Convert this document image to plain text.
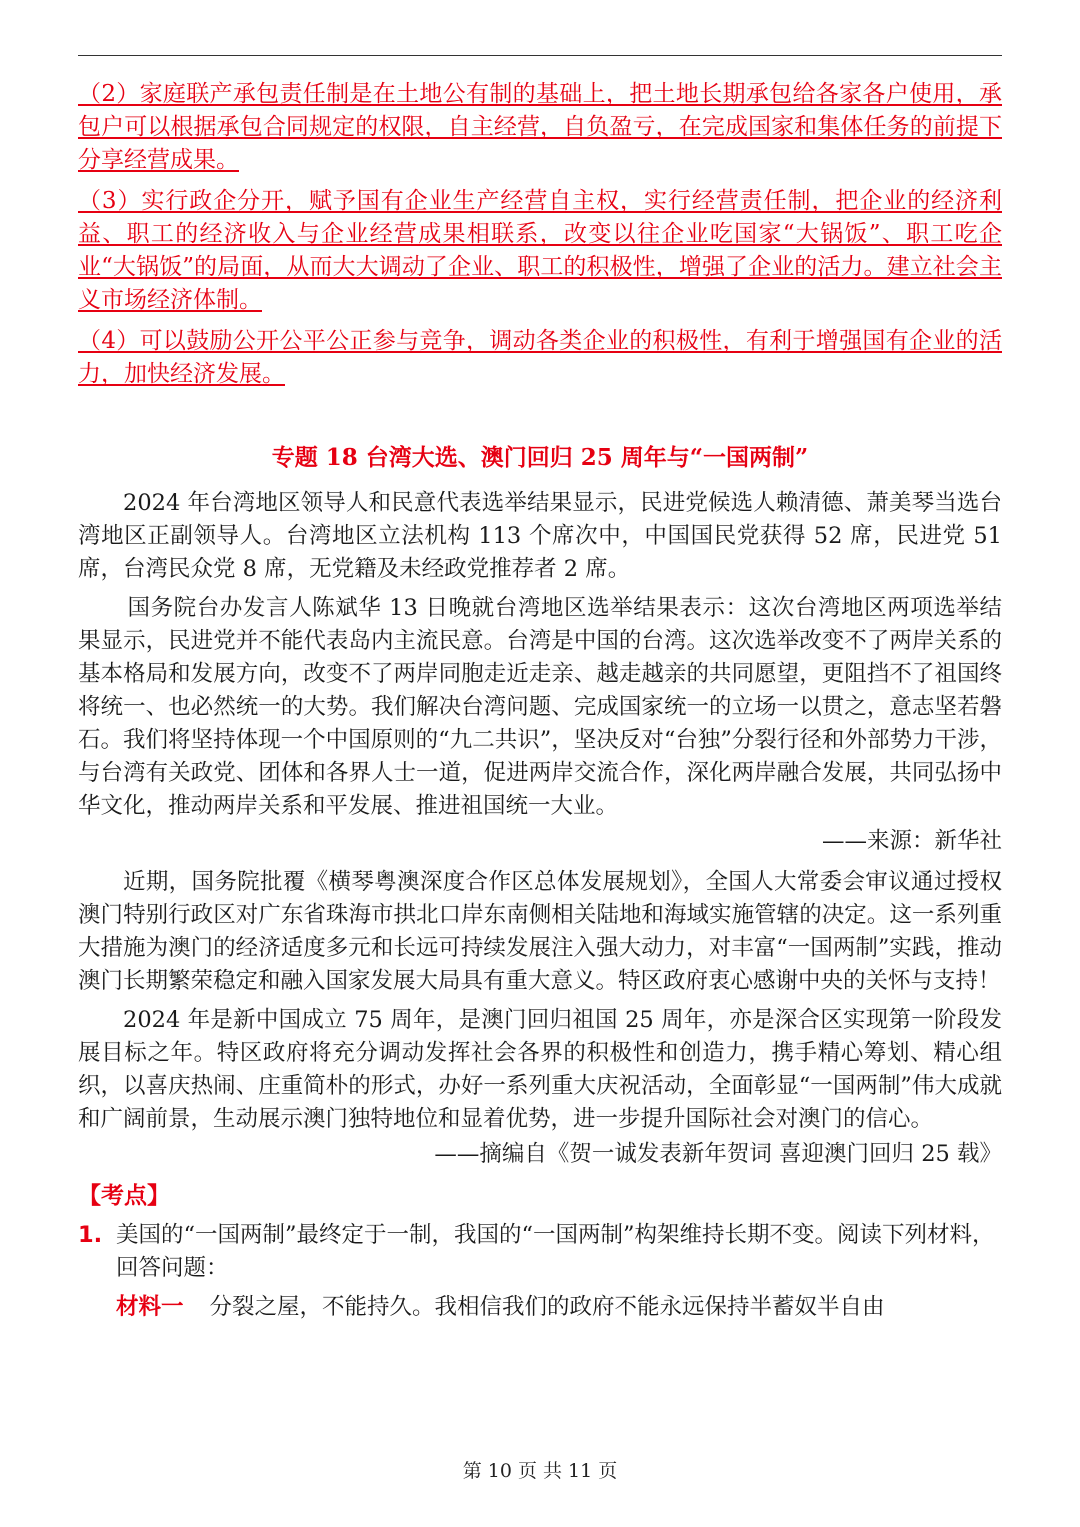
（2）家庭联产承包责任制是在土地公有制的基础上，把土地长期承包给各家各户使用，承包户可以根据承包合同规定的权限，自主经营，自负盈亏，在完成国家和集体任务的前提下分享经营成果。

（3）实行政企分开，赋予国有企业生产经营自主权，实行经营责任制，把企业的经济利益、职工的经济收入与企业经营成果相联系，改变以往企业吃国家“大锅饭”、职工吃企业“大锅饭”的局面，从而大大调动了企业、职工的积极性，增强了企业的活力。建立社会主义市场经济体制。

（4）可以鼓励公开公平公正参与竞争，调动各类企业的积极性，有利于增强国有企业的活力，加快经济发展。

专题 18 台湾大选、澳门回归 25 周年与“一国两制”

2024 年台湾地区领导人和民意代表选举结果显示，民进党候选人赖清德、萧美琴当选台湾地区正副领导人。台湾地区立法机构 113 个席次中，中国国民党获得 52 席，民进党 51 席，台湾民众党 8 席，无党籍及未经政党推荐者 2 席。

国务院台办发言人陈斌华 13 日晚就台湾地区选举结果表示：这次台湾地区两项选举结果显示，民进党并不能代表岛内主流民意。台湾是中国的台湾。这次选举改变不了两岸关系的基本格局和发展方向，改变不了两岸同胞走近走亲、越走越亲的共同愿望，更阻挡不了祖国终将统一、也必然统一的大势。我们解决台湾问题、完成国家统一的立场一以贯之，意志坚若磐石。我们将坚持体现一个中国原则的“九二共识”，坚决反对“台独”分裂行径和外部势力干涉，与台湾有关政党、团体和各界人士一道，促进两岸交流合作，深化两岸融合发展，共同弘扬中华文化，推动两岸关系和平发展、推进祖国统一大业。

——来源：新华社

近期，国务院批覆《横琴粤澳深度合作区总体发展规划》，全国人大常委会审议通过授权澳门特别行政区对广东省珠海市拱北口岸东南侧相关陆地和海域实施管辖的决定。这一系列重大措施为澳门的经济适度多元和长远可持续发展注入强大动力，对丰富“一国两制”实践，推动澳门长期繁荣稳定和融入国家发展大局具有重大意义。特区政府衷心感谢中央的关怀与支持！

2024 年是新中国成立 75 周年，是澳门回归祖国 25 周年，亦是深合区实现第一阶段发展目标之年。特区政府将充分调动发挥社会各界的积极性和创造力，携手精心筹划、精心组织，以喜庆热闹、庄重简朴的形式，办好一系列重大庆祝活动，全面彰显“一国两制”伟大成就和广阔前景，生动展示澳门独特地位和显着优势，进一步提升国际社会对澳门的信心。

——摘编自《贺一诚发表新年贺词 喜迎澳门回归 25 载》
【考点】

1. 美国的“一国两制”最终定于一制，我国的“一国两制”构架维持长期不变。阅读下列材料，回答问题：

材料一 分裂之屋，不能持久。我相信我们的政府不能永远保持半蓄奴半自由
第 10 页 共 11 页
